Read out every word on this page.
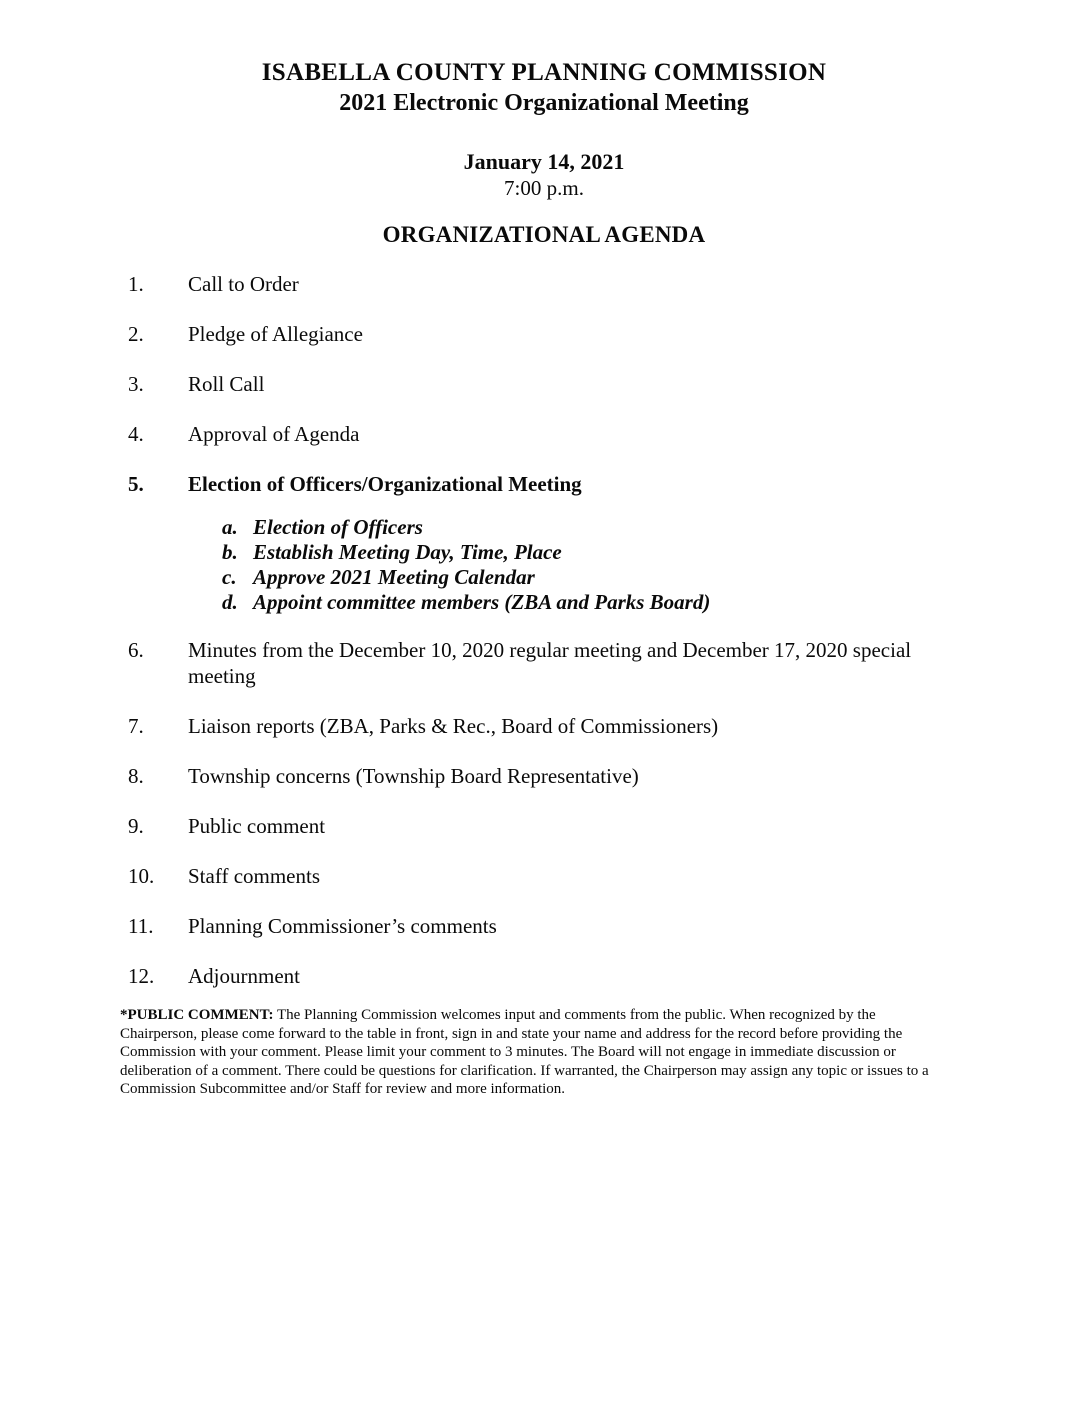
ISABELLA COUNTY PLANNING COMMISSION
2021 Electronic Organizational Meeting
January 14, 2021
7:00 p.m.
ORGANIZATIONAL AGENDA
1.	Call to Order
2.	Pledge of Allegiance
3.	Roll Call
4.	Approval of Agenda
5.	Election of Officers/Organizational Meeting
a. Election of Officers
b. Establish Meeting Day, Time, Place
c. Approve 2021 Meeting Calendar
d. Appoint committee members (ZBA and Parks Board)
6.	Minutes from the December 10, 2020 regular meeting and December 17, 2020 special meeting
7.	Liaison reports (ZBA, Parks & Rec., Board of Commissioners)
8.	Township concerns (Township Board Representative)
9.	Public comment
10.	Staff comments
11.	Planning Commissioner’s comments
12.	Adjournment
*PUBLIC COMMENT: The Planning Commission welcomes input and comments from the public. When recognized by the Chairperson, please come forward to the table in front, sign in and state your name and address for the record before providing the Commission with your comment. Please limit your comment to 3 minutes. The Board will not engage in immediate discussion or deliberation of a comment. There could be questions for clarification. If warranted, the Chairperson may assign any topic or issues to a Commission Subcommittee and/or Staff for review and more information.
